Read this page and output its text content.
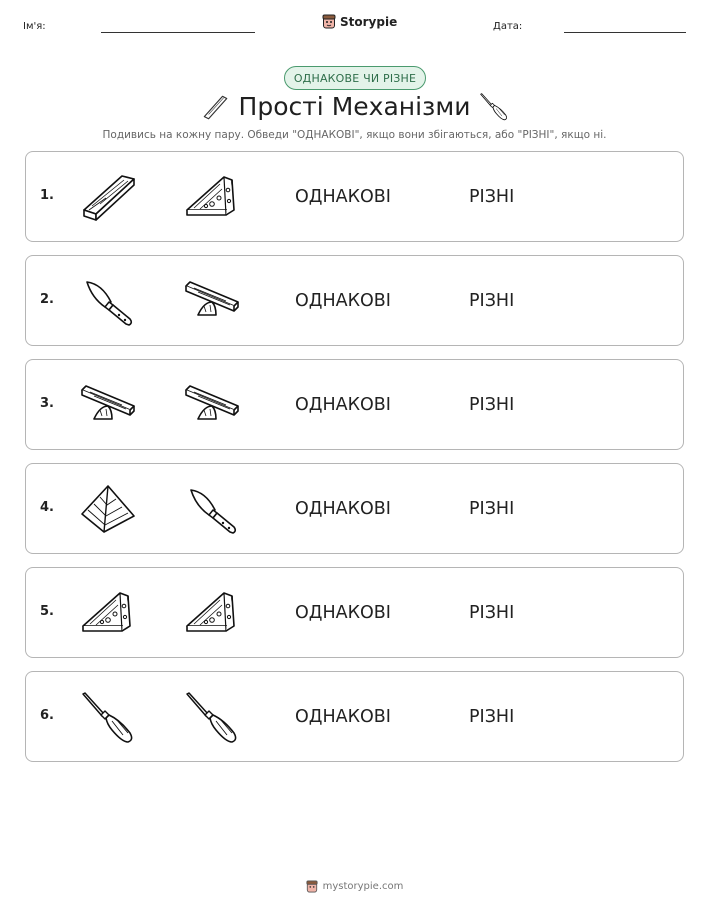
Ім'я:	Storypie	Дата:
ОДНАКОВЕ ЧИ РІЗНЕ
Прості Механізми
Подивись на кожну пару. Обведи "ОДНАКОВІ", якщо вони збігаються, або "РІЗНІ", якщо ні.
1.	ОДНАКОВІ	РІЗНІ
2.	ОДНАКОВІ	РІЗНІ
3.	ОДНАКОВІ	РІЗНІ
4.	ОДНАКОВІ	РІЗНІ
5.	ОДНАКОВІ	РІЗНІ
6.	ОДНАКОВІ	РІЗНІ
mystorypie.com
